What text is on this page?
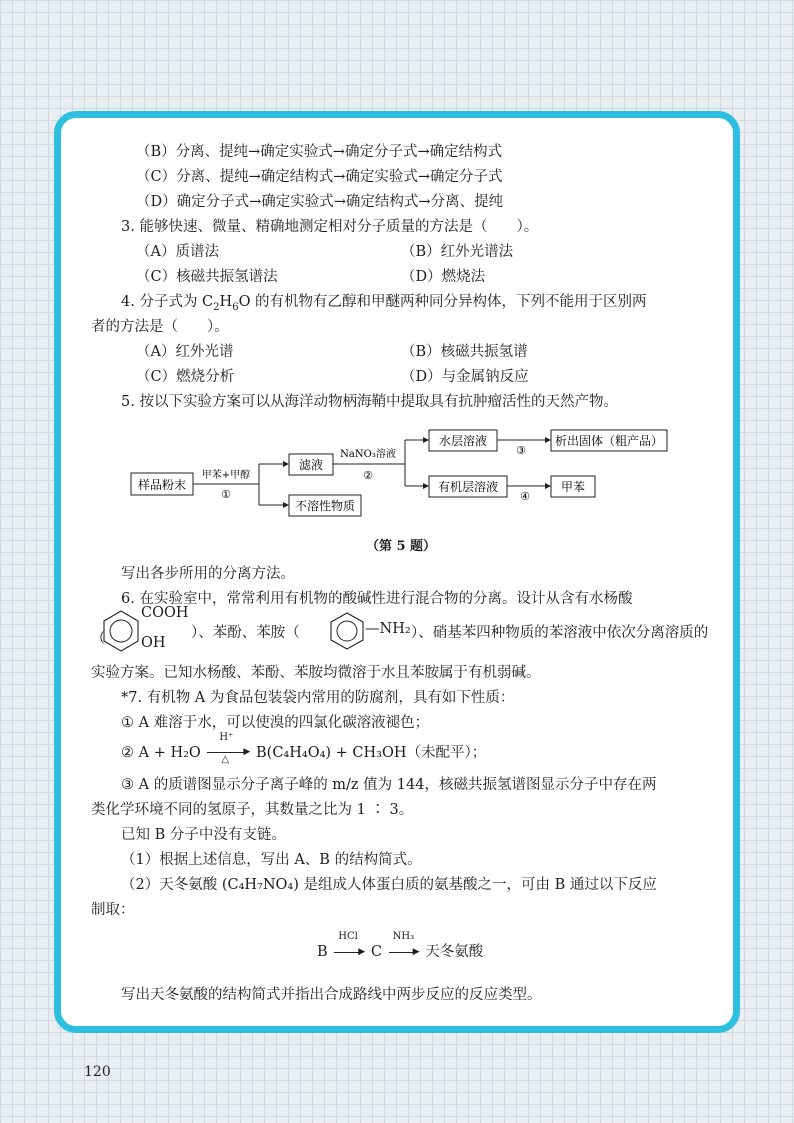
（B）分离、提纯→确定实验式→确定分子式→确定结构式
（C）分离、提纯→确定结构式→确定实验式→确定分子式
（D）确定分子式→确定实验式→确定结构式→分离、提纯
3. 能够快速、微量、精确地测定相对分子质量的方法是（　　）。
（A）质谱法	（B）红外光谱法
（C）核磁共振氢谱法	（D）燃烧法
4. 分子式为 $C_2H_6O$ 的有机物有乙醇和甲醚两种同分异构体，下列不能用于区别两
者的方法是（　　）。
（A）红外光谱	（B）核磁共振氢谱
（C）燃烧分析	（D）与金属钠反应
5. 按以下实验方案可以从海洋动物柄海鞘中提取具有抗肿瘤活性的天然产物。
样品粉末
甲苯+甲醇
①
滤液
不溶性物质
NaNO₃溶液
②
水层溶液
有机层溶液
③
④
析出固体（粗产品）
甲苯
（第 5 题）
写出各步所用的分离方法。
6. 在实验室中，常常利用有机物的酸碱性进行混合物的分离。设计从含有水杨酸
（
COOH
OH
）、苯酚、苯胺（	—NH₂ ）、硝基苯四种物质的苯溶液中依次分离溶质的
实验方案。已知水杨酸、苯酚、苯胺均微溶于水且苯胺属于有机弱碱。
*7. 有机物 A 为食品包装袋内常用的防腐剂，具有如下性质：
① A 难溶于水，可以使溴的四氯化碳溶液褪色；
② A + H₂O
H⁺
▶
△ B(C₄H₄O₄) + CH₃OH（未配平）；
③ A 的质谱图显示分子离子峰的 m/z 值为 144，核磁共振氢谱图显示分子中存在两
类化学环境不同的氢原子，其数量之比为 1 ∶ 3。
已知 B 分子中没有支链。
（1）根据上述信息，写出 A、B 的结构简式。
（2）天冬氨酸 (C₄H₇NO₄) 是组成人体蛋白质的氨基酸之一，可由 B 通过以下反应
制取：
B
HCl
▶ C
NH₃
▶ 天冬氨酸
写出天冬氨酸的结构简式并指出合成路线中两步反应的反应类型。
120
